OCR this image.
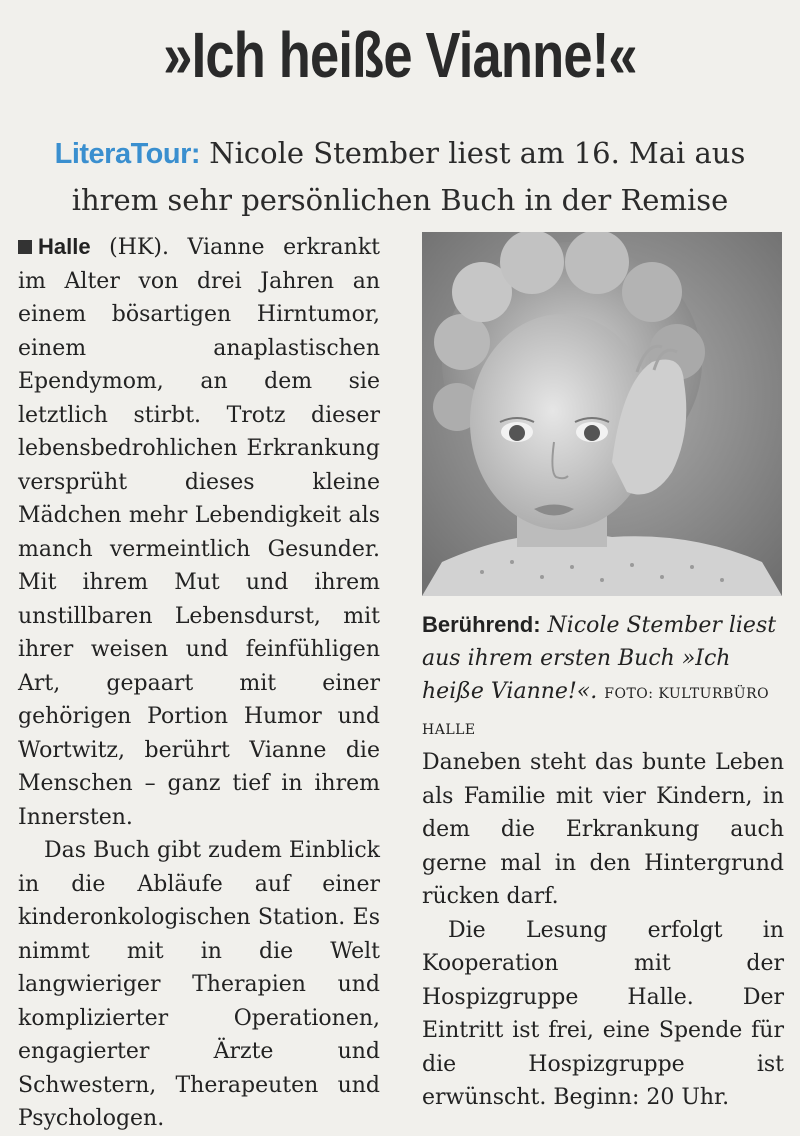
»Ich heiße Vianne!«
LiteraTour: Nicole Stember liest am 16. Mai aus
ihrem sehr persönlichen Buch in der Remise

Halle (HK). Vianne erkrankt im Alter von drei Jahren an einem bösartigen Hirntumor, einem anaplastischen Ependymom, an dem sie letztlich stirbt. Trotz dieser lebensbedrohlichen Erkrankung versprüht dieses kleine Mädchen mehr Lebendigkeit als manch vermeintlich Gesunder. Mit ihrem Mut und ihrem unstillbaren Lebensdurst, mit ihrer weisen und feinfühligen Art, gepaart mit einer gehörigen Portion Humor und Wortwitz, berührt Vianne die Menschen – ganz tief in ihrem Innersten.

Das Buch gibt zudem Einblick in die Abläufe auf einer kinderonkologischen Station. Es nimmt mit in die Welt langwieriger Therapien und komplizierter Operationen, engagierter Ärzte und Schwestern, Therapeuten und Psychologen.

Berührend: Nicole Stember liest aus ihrem ersten Buch »Ich heiße Vianne!«. FOTO: KULTURBÜRO HALLE

Daneben steht das bunte Leben als Familie mit vier Kindern, in dem die Erkrankung auch gerne mal in den Hintergrund rücken darf.

Die Lesung erfolgt in Kooperation mit der Hospizgruppe Halle. Der Eintritt ist frei, eine Spende für die Hospizgruppe ist erwünscht. Beginn: 20 Uhr.
